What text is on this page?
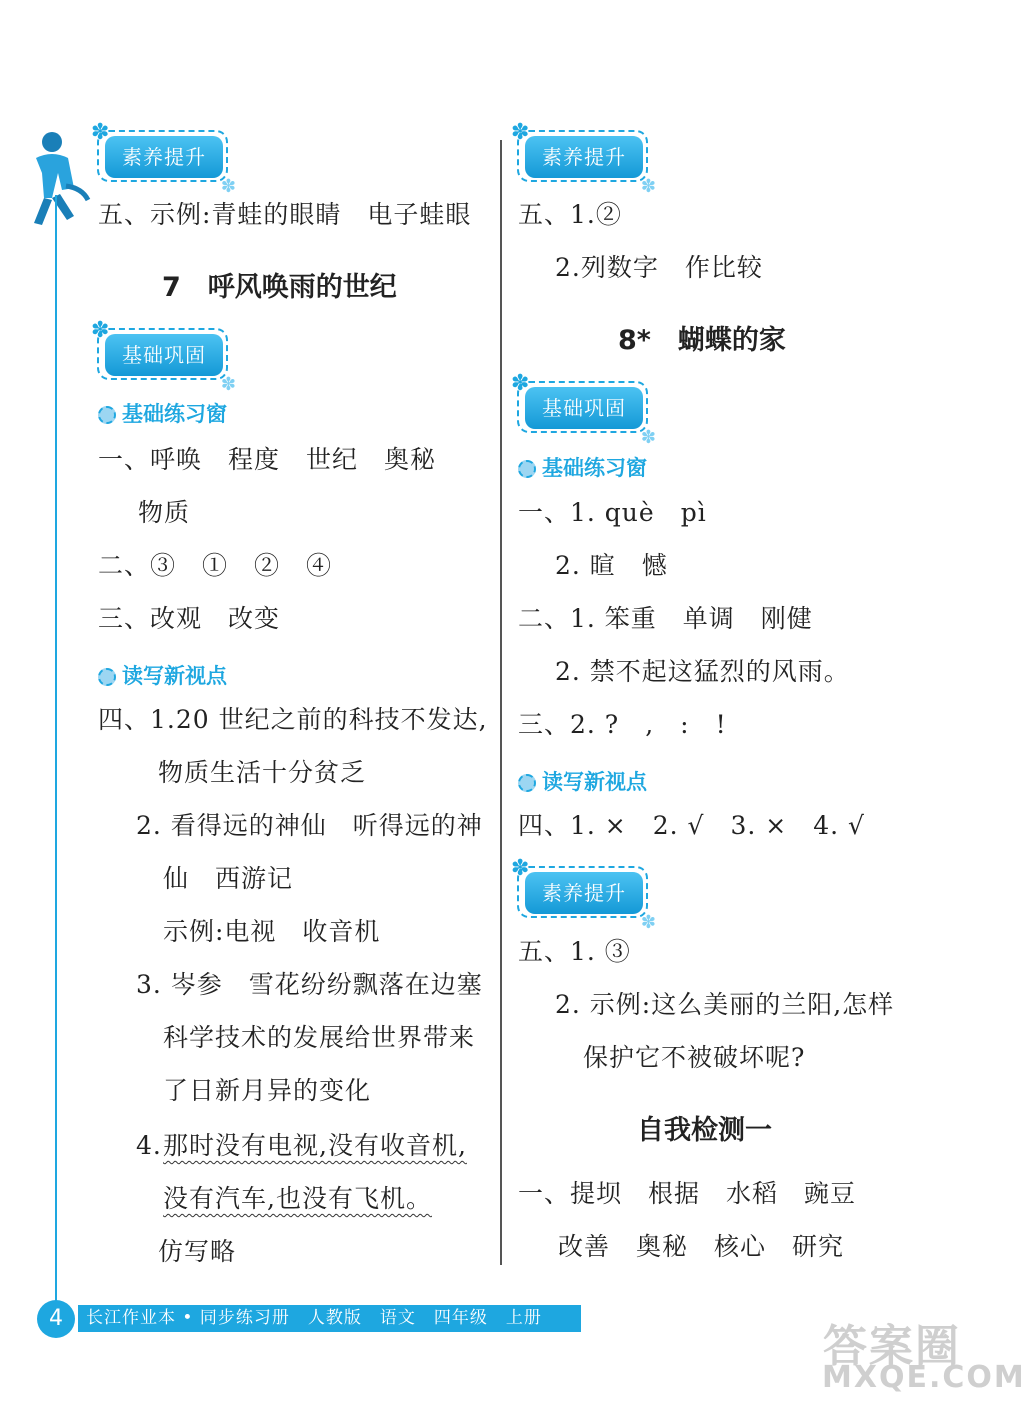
素养提升
✽
✽
五、示例:青蛙的眼睛　电子蛙眼
7　呼风唤雨的世纪
基础巩固
✽
✽
基础练习窗
一、呼唤　程度　世纪　奥秘
物质
二、③　①　②　④
三、改观　改变
读写新视点
四、1.20 世纪之前的科技不发达,
物质生活十分贫乏
2. 看得远的神仙　听得远的神
仙　西游记
示例:电视　收音机
3. 岑参　雪花纷纷飘落在边塞
科学技术的发展给世界带来
了日新月异的变化
4. 那时没有电视,没有收音机,
没有汽车,也没有飞机。
仿写略
素养提升
✽
✽
五、1.②
2.列数字　作比较
8*　蝴蝶的家
基础巩固
✽
✽
基础练习窗
一、1. què　pì
2. 暄　憾
二、1. 笨重　单调　刚健
2. 禁不起这猛烈的风雨。
三、2. ?　,　:　!
读写新视点
四、1. ×　2. √　3. ×　4. √
素养提升
✽
✽
五、1. ③
2. 示例:这么美丽的兰阳,怎样
保护它不被破坏呢?
自我检测一
一、提坝　根据　水稻　豌豆
改善　奥秘　核心　研究
4	长江作业本 • 同步练习册　人教版　语文　四年级　上册
答案圈
MXQE.COM
